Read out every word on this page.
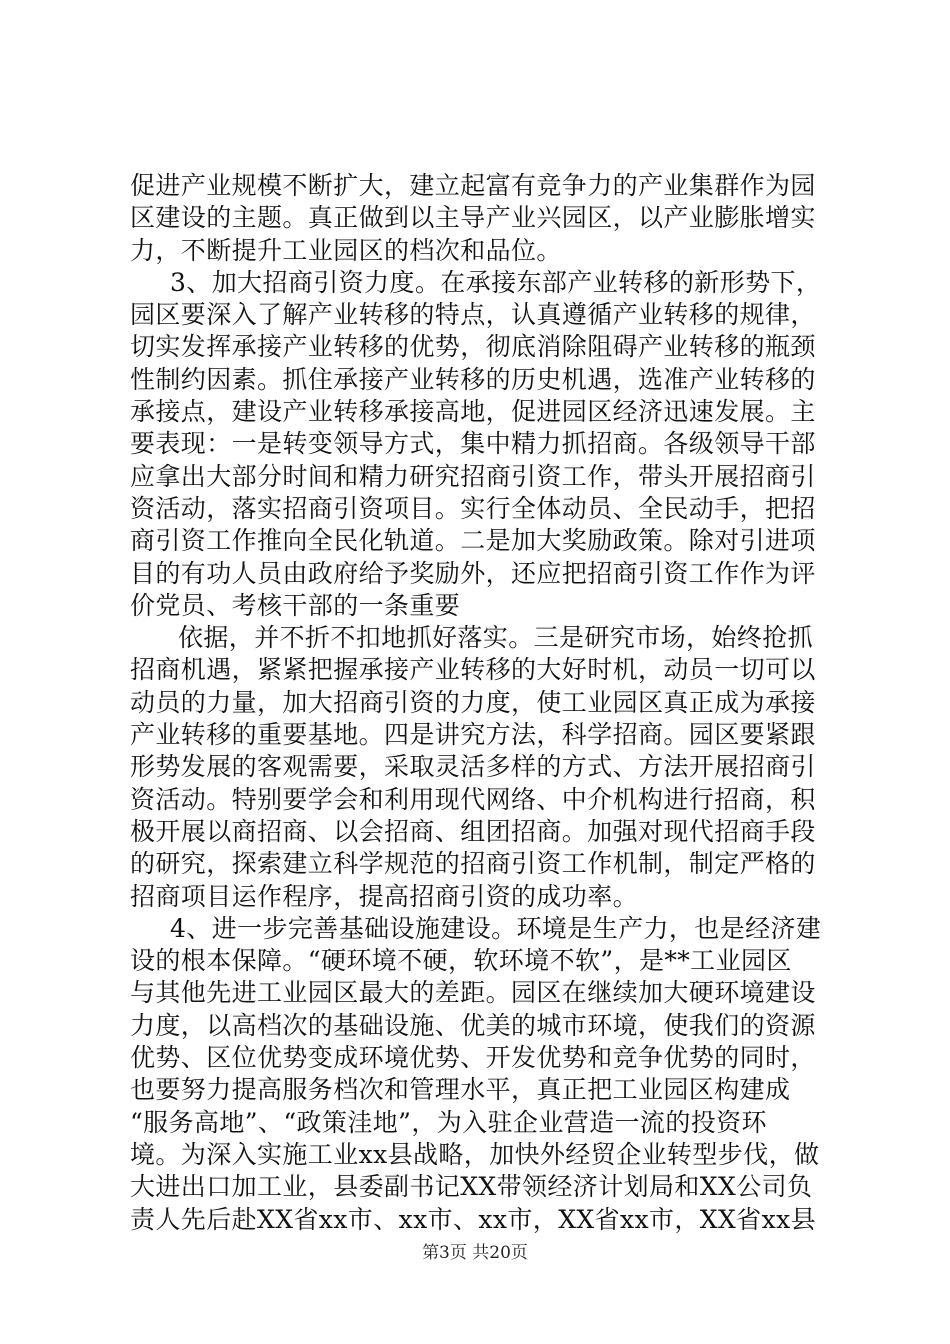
促进产业规模不断扩大，建立起富有竞争力的产业集群作为园
区建设的主题。真正做到以主导产业兴园区，以产业膨胀增实
力，不断提升工业园区的档次和品位。
3、加大招商引资力度。在承接东部产业转移的新形势下，
园区要深入了解产业转移的特点，认真遵循产业转移的规律，
切实发挥承接产业转移的优势，彻底消除阻碍产业转移的瓶颈
性制约因素。抓住承接产业转移的历史机遇，选准产业转移的
承接点，建设产业转移承接高地，促进园区经济迅速发展。主
要表现：一是转变领导方式，集中精力抓招商。各级领导干部
应拿出大部分时间和精力研究招商引资工作，带头开展招商引
资活动，落实招商引资项目。实行全体动员、全民动手，把招
商引资工作推向全民化轨道。二是加大奖励政策。除对引进项
目的有功人员由政府给予奖励外，还应把招商引资工作作为评
价党员、考核干部的一条重要
依据，并不折不扣地抓好落实。三是研究市场，始终抢抓
招商机遇，紧紧把握承接产业转移的大好时机，动员一切可以
动员的力量，加大招商引资的力度，使工业园区真正成为承接
产业转移的重要基地。四是讲究方法，科学招商。园区要紧跟
形势发展的客观需要，采取灵活多样的方式、方法开展招商引
资活动。特别要学会和利用现代网络、中介机构进行招商，积
极开展以商招商、以会招商、组团招商。加强对现代招商手段
的研究，探索建立科学规范的招商引资工作机制，制定严格的
招商项目运作程序，提高招商引资的成功率。
4、进一步完善基础设施建设。环境是生产力，也是经济建
设的根本保障。“硬环境不硬，软环境不软”，是**工业园区
与其他先进工业园区最大的差距。园区在继续加大硬环境建设
力度，以高档次的基础设施、优美的城市环境，使我们的资源
优势、区位优势变成环境优势、开发优势和竞争优势的同时，
也要努力提高服务档次和管理水平，真正把工业园区构建成
“服务高地”、“政策洼地”，为入驻企业营造一流的投资环
境。为深入实施工业xx县战略，加快外经贸企业转型步伐，做
大进出口加工业，县委副书记XX带领经济计划局和XX公司负
责人先后赴XX省xx市、xx市、xx市，XX省xx市，XX省xx县
第3页 共20页
